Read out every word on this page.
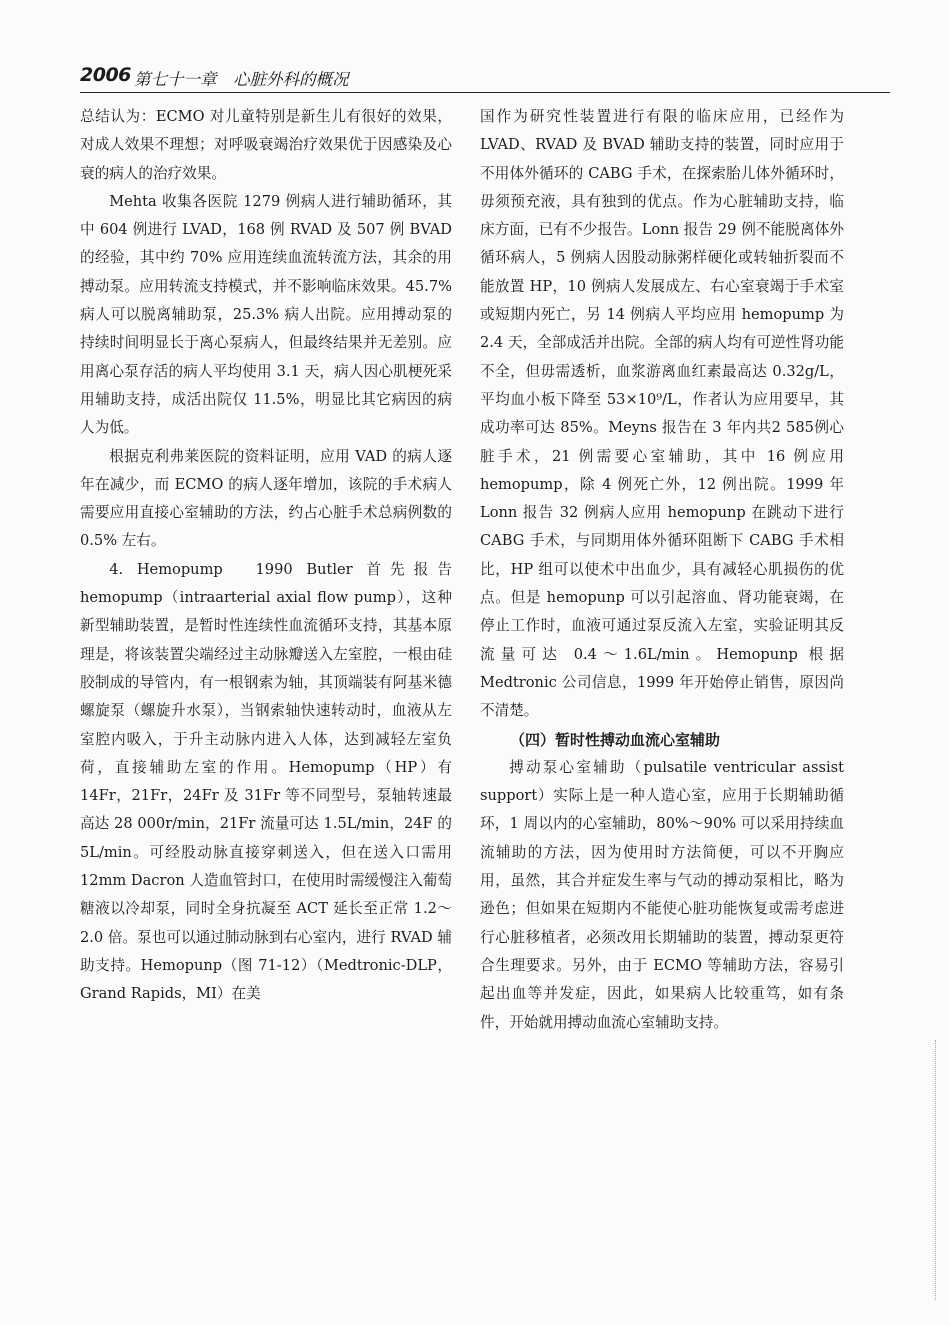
2006 第七十一章　心脏外科的概况

总结认为：ECMO 对儿童特别是新生儿有很好的效果，对成人效果不理想；对呼吸衰竭治疗效果优于因感染及心衰的病人的治疗效果。

Mehta 收集各医院 1279 例病人进行辅助循环，其中 604 例进行 LVAD，168 例 RVAD 及 507 例 BVAD 的经验，其中约 70% 应用连续血流转流方法，其余的用搏动泵。应用转流支持模式，并不影响临床效果。45.7% 病人可以脱离辅助泵，25.3% 病人出院。应用搏动泵的持续时间明显长于离心泵病人，但最终结果并无差别。应用离心泵存活的病人平均使用 3.1 天，病人因心肌梗死采用辅助支持，成活出院仅 11.5%，明显比其它病因的病人为低。

根据克利弗莱医院的资料证明，应用 VAD 的病人逐年在减少，而 ECMO 的病人逐年增加，该院的手术病人需要应用直接心室辅助的方法，约占心脏手术总病例数的 0.5% 左右。

4. Hemopump　1990 Butler 首先报告 hemopump（intraarterial axial flow pump），这种新型辅助装置，是暂时性连续性血流循环支持，其基本原理是，将该装置尖端经过主动脉瓣送入左室腔，一根由硅胶制成的导管内，有一根钢索为轴，其顶端装有阿基米德螺旋泵（螺旋升水泵），当钢索轴快速转动时，血液从左室腔内吸入，于升主动脉内进入人体，达到减轻左室负荷，直接辅助左室的作用。Hemopump（HP）有 14Fr，21Fr，24Fr 及 31Fr 等不同型号，泵轴转速最高达 28 000r/min，21Fr 流量可达 1.5L/min，24F 的 5L/min。可经股动脉直接穿刺送入，但在送入口需用 12mm Dacron 人造血管封口，在使用时需缓慢注入葡萄糖液以冷却泵，同时全身抗凝至 ACT 延长至正常 1.2～2.0 倍。泵也可以通过肺动脉到右心室内，进行 RVAD 辅助支持。Hemopunp（图 71-12）（Medtronic-DLP，Grand Rapids，MI）在美

国作为研究性装置进行有限的临床应用，已经作为 LVAD、RVAD 及 BVAD 辅助支持的装置，同时应用于不用体外循环的 CABG 手术，在探索胎儿体外循环时，毋须预充液，具有独到的优点。作为心脏辅助支持，临床方面，已有不少报告。Lonn 报告 29 例不能脱离体外循环病人，5 例病人因股动脉粥样硬化或转轴折裂而不能放置 HP，10 例病人发展成左、右心室衰竭于手术室或短期内死亡，另 14 例病人平均应用 hemopump 为 2.4 天，全部成活并出院。全部的病人均有可逆性肾功能不全，但毋需透析，血浆游离血红素最高达 0.32g/L，平均血小板下降至 53×10⁹/L，作者认为应用要早，其成功率可达 85%。Meyns 报告在 3 年内共2 585例心脏手术，21 例需要心室辅助，其中 16 例应用 hemopump，除 4 例死亡外，12 例出院。1999 年 Lonn 报告 32 例病人应用 hemopunp 在跳动下进行 CABG 手术，与同期用体外循环阻断下 CABG 手术相比，HP 组可以使术中出血少，具有减轻心肌损伤的优点。但是 hemopunp 可以引起溶血、肾功能衰竭，在停止工作时，血液可通过泵反流入左室，实验证明其反流量可达 0.4～1.6L/min。Hemopunp 根据 Medtronic 公司信息，1999 年开始停止销售，原因尚不清楚。

（四）暂时性搏动血流心室辅助

搏动泵心室辅助（pulsatile ventricular assist support）实际上是一种人造心室，应用于长期辅助循环，1 周以内的心室辅助，80%～90% 可以采用持续血流辅助的方法，因为使用时方法简便，可以不开胸应用，虽然，其合并症发生率与气动的搏动泵相比，略为逊色；但如果在短期内不能使心脏功能恢复或需考虑进行心脏移植者，必须改用长期辅助的装置，搏动泵更符合生理要求。另外，由于 ECMO 等辅助方法，容易引起出血等并发症，因此，如果病人比较重笃，如有条件，开始就用搏动血流心室辅助支持。
